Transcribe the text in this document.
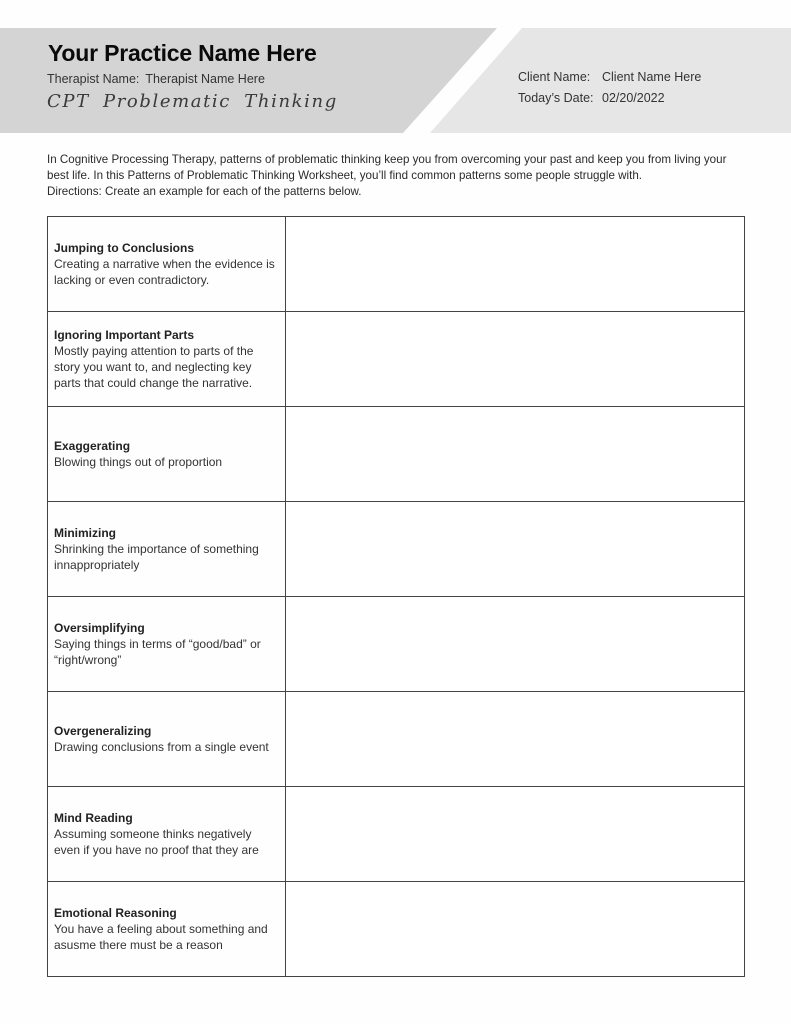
Your Practice Name Here
Therapist Name: Therapist Name Here
CPT Problematic Thinking
Client Name: Client Name Here
Today’s Date: 02/20/2022

In Cognitive Processing Therapy, patterns of problematic thinking keep you from overcoming your past and keep you from living your best life. In this Patterns of Problematic Thinking Worksheet, you’ll find common patterns some people struggle with.
Directions: Create an example for each of the patterns below.

Jumping to Conclusions
Creating a narrative when the evidence is lacking or even contradictory.	

Ignoring Important Parts
Mostly paying attention to parts of the story you want to, and neglecting key parts that could change the narrative.	

Exaggerating
Blowing things out of proportion	

Minimizing
Shrinking the importance of something innappropriately	

Oversimplifying
Saying things in terms of “good/bad” or “right/wrong”	

Overgeneralizing
Drawing conclusions from a single event	

Mind Reading
Assuming someone thinks negatively even if you have no proof that they are	

Emotional Reasoning
You have a feeling about something and asusme there must be a reason	
